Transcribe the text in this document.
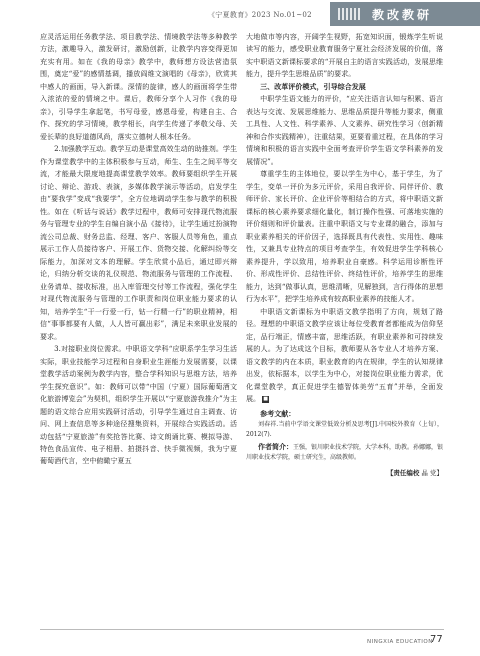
《宁夏教育》2023 No.01~02	教改教研

应灵活运用任务教学法、项目教学法、情境教学法等多种教学方法，激趣导入，激发研讨，激励创新，让教学内容变得更加充实有用。如在《我的母亲》教学中，教师想方设法营造氛围，奠定“爱”的感情基调，播放阎维文演唱的《母亲》，欣赏其中感人的画面，导入新课。深情的旋律，感人的画面将学生带入浓浓的爱的情境之中。课后，教师分享个人习作《我的母亲》，引导学生拿起笔，书写母爱，感恩母爱，构建自主、合作、探究的学习情境，教学相长，向学生传递了孝敬父母、关爱长辈的良好道德风尚，落实立德树人根本任务。

2.加强教学互动。教学互动是课堂高效生动的助推剂。学生作为课堂教学中的主体积极参与互动，师生、生生之间平等交流，才能最大限度地提高课堂教学效率。教师要组织学生开展讨论、辩论、游戏、表演，多媒体教学演示等活动，启发学生由“要我学”变成“我要学”，全方位地调动学生参与教学的积极性。如在《听话与说话》教学过程中，教师可安排现代物流服务与管理专业的学生自编自演小品《接待》，让学生通过扮演物流公司总裁、财务总监、经理、客户、客服人员等角色，重点展示工作人员接待客户、开展工作、货物交接、化解纠纷等交际能力，加深对文本的理解。学生欣赏小品后，通过即兴辩论，归纳分析交谈的礼仪规范、物流服务与管理的工作流程、业务请单、接收标准，出入库管理交付等工作流程，强化学生对现代物流服务与管理的工作职责和岗位职业能力要求的认知，培养学生“干一行爱一行，钻一行精一行”的职业精神，相信“事事都要有人做，人人皆可赢出彩”，满足未来职业发展的要求。

3.对接职业岗位需求。中职语文学科“应职系学生学习生活实际，职业技能学习过程和自身职业生涯能力发展需要，以课堂教学活动案例为教学内容，整合学科知识与思维方法，培养学生探究意识”。如：教师可以带“中国（宁夏）国际葡萄酒文化旅游博览会”为契机，组织学生开展以“宁夏旅游我推介”为主题的语文综合应用实践研讨活动，引导学生通过自主调查、访问、网上查信息等多种途径搜集资料，开展综合实践活动。活动包括“宁夏旅游”有奖抢答比赛、诗文朗诵比赛、模拟导游、特色食品宣传、电子相册、拍摄抖音、快手微视频，我为宁夏葡萄酒代言，空中俯瞰宁夏五

大地做市等内容，开阔学生视野，拓宽知识面，锻炼学生听说读写的能力，感受职业教育服务宁夏社会经济发展的价值，落实中职语文新课标要求的“开展自主的语言实践活动，发展思维能力，提升学生思维品质”的要求。

三、改革评价模式，引导综合发展

中职学生语文能力的评价，“应关注语言认知与积累、语言表达与交流、发展思维能力、思维品质提升等能力要求，侧重工具性、人文性、科学素养、人文素养、研究性学习（创新精神和合作实践精神），注重结果，更要看重过程，在具体的学习情境和积极的语言实践中全面考查评价学生语文学科素养的发展情况”。

尊重学生的主体地位，要以学生为中心，基于学生，为了学生，变单一评价为多元评价，采用自我评价、同伴评价、教师评价、家长评价、企业评价等相结合的方式，将中职语文新课标的核心素养要求细化量化，制订操作性强、可落地实施的评价细则和评价量表。注重中职语文与专业课的融合，添加与职业素养相关的评价因子，选择既具有代表性、实用性、趣味性，又兼具专业特点的项目考查学生，有效促进学生学科核心素养提升，学以致用，培养职业自豪感。科学运用诊断性评价、形成性评价、总结性评价、终结性评价，培养学生的思维能力，达到“做事认真，思维清晰，见解独到，言行得体的思想行为水平”，把学生培养成有较高职业素养的技能人才。

中职语文新课标为中职语文教学指明了方向，规划了路径。理想的中职语文教学应该让每位受教育者都能成为信仰坚定，品行端正，情感丰富，思维活跃，有职业素养和可持续发展的人。为了达成这个目标，教师要从各专业人才培养方案、语文教学的内在本质，职业教育的内在规律，学生的认知规律出发，依标据本，以学生为中心，对接岗位职业能力需求，优化课堂教学，真正促进学生德智体美劳“五育”并举，全面发展。 ■

参考文献：

刘春祥.当前中学语文课堂低效分析及思考[J].中国校外教育（上旬），2012(7).

作者简介：王强，银川职业技术学院，大学本科，助教。孙娜娜，银川职业技术学院，硕士研究生，高级教师。

【责任编校 晶 党】

NINGXIA EDUCATION
77
